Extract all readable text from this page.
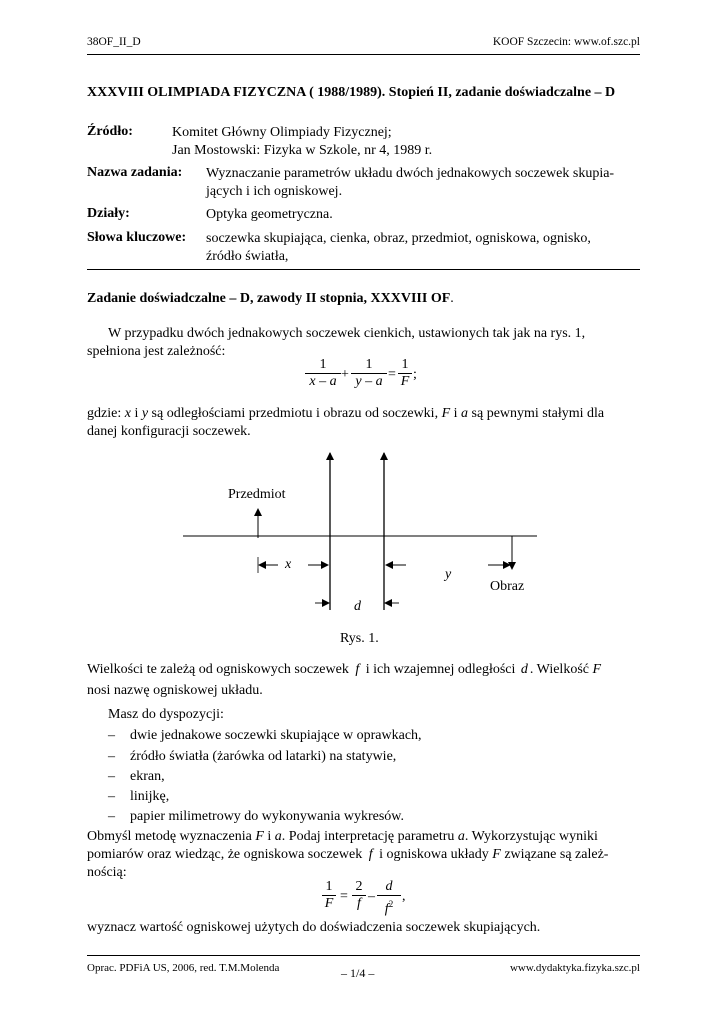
38OF_II_D	KOOF Szczecin: www.of.szc.pl
XXXVIII OLIMPIADA FIZYCZNA ( 1988/1989). Stopień II, zadanie doświadczalne – D
Źródło:	Komitet Główny Olimpiady Fizycznej;
Jan Mostowski: Fizyka w Szkole, nr 4, 1989 r.
Nazwa zadania: Wyznaczanie parametrów układu dwóch jednakowych soczewek skupia-
jących i ich ogniskowej.
Działy:	Optyka geometryczna.
Słowa kluczowe: soczewka skupiająca, cienka, obraz, przedmiot, ogniskowa, ognisko,
źródło światła,
Zadanie doświadczalne – D, zawody II stopnia, XXXVIII OF.
W przypadku dwóch jednakowych soczewek cienkich, ustawionych tak jak na rys. 1,
spełniona jest zależność:
$\frac{1}{x - a} + \frac{1}{y - a} = \frac{1}{F}$ ;
gdzie: x i y są odległościami przedmiotu i obrazu od soczewki, F i a są pewnymi stałymi dla
danej konfiguracji soczewek.
Przedmiot
Obraz
x
y
d
Rys. 1.
Wielkości te zależą od ogniskowych soczewek f i ich wzajemnej odległości d . Wielkość F
nosi nazwę ogniskowej układu.
Masz do dyspozycji:
– dwie jednakowe soczewki skupiające w oprawkach,
– źródło światła (żarówka od latarki) na statywie,
– ekran,
– linijkę,
– papier milimetrowy do wykonywania wykresów.
Obmyśl metodę wyznaczenia F i a. Podaj interpretację parametru a. Wykorzystując wyniki
pomiarów oraz wiedząc, że ogniskowa soczewek f i ogniskowa układy F związane są zależ-
nością:
$\frac{1}{F} = \frac{2}{f} - \frac{d}{f^2}$ ,
wyznacz wartość ogniskowej użytych do doświadczenia soczewek skupiających.
Oprac. PDFiA US, 2006, red. T.M.Molenda	– 1/4 –	www.dydaktyka.fizyka.szc.pl
